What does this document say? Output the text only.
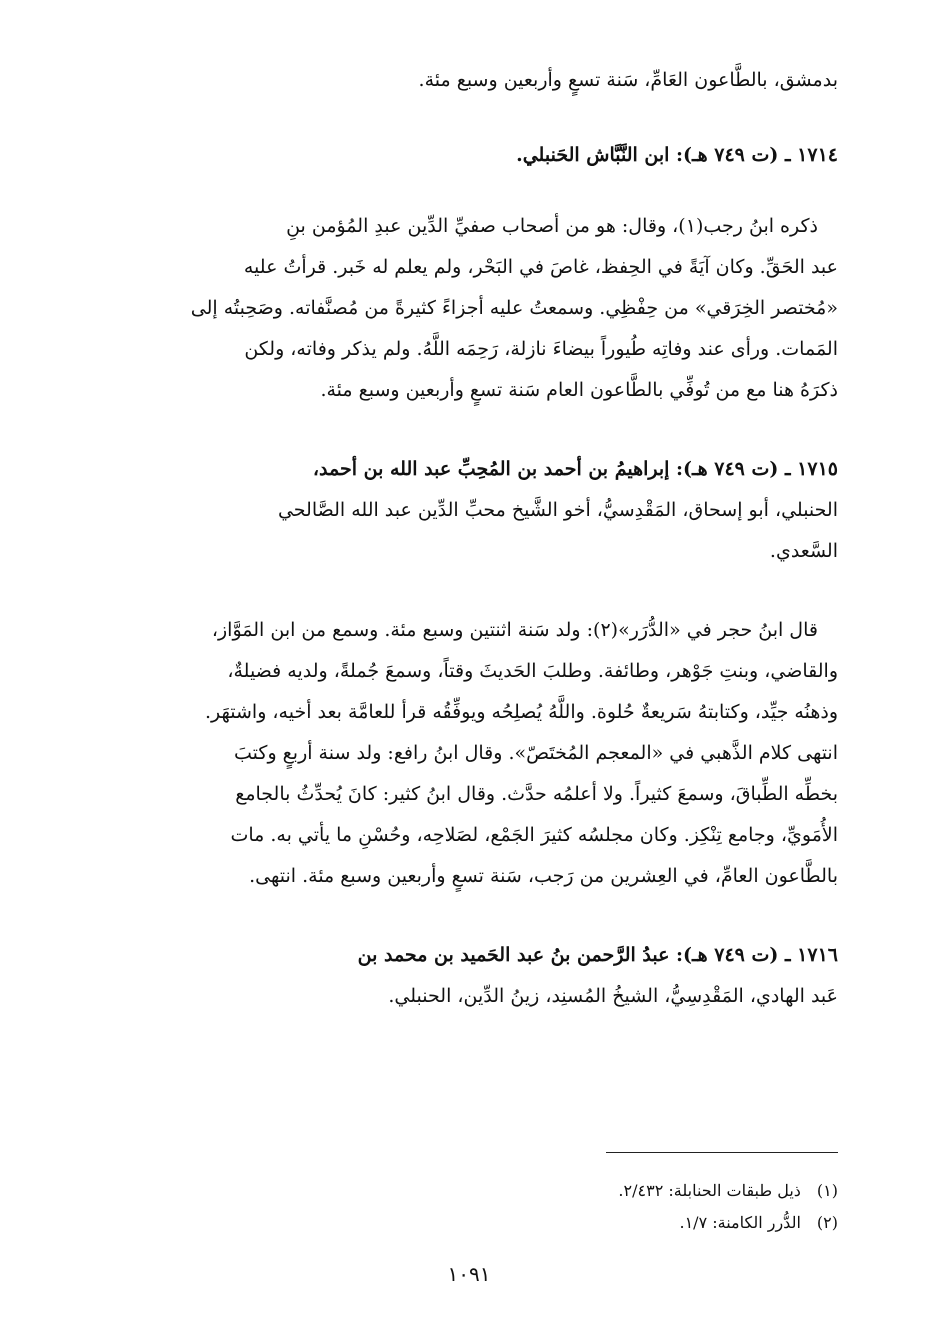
بدمشق، بالطَّاعون العَامِّ، سَنة تسعٍ وأربعين وسبع مئة.
١٧١٤ ـ (ت ٧٤٩ هـ): ابن النَّبَّاش الحَنبلي.
ذكره ابنُ رجب(١)، وقال: هو من أصحاب صفيِّ الدِّين عبدِ المُؤمن بنِ
عبد الحَقِّ. وكان آيَةً في الحِفظ، غاصَ في البَحْر، ولم يعلم له خَبر. قرأتُ عليه
«مُختصر الخِرَقي» من حِفْظِي. وسمعتُ عليه أجزاءً كثيرةً من مُصنَّفاته. وصَحِبتُه إلى
المَمات. ورأى عند وفاتِه طُيوراً بيضاءَ نازلة، رَحِمَه اللَّهُ. ولم يذكر وفاته، ولكن
ذكرَهُ هنا مع من تُوفِّي بالطَّاعون العام سَنة تسعٍ وأربعين وسبع مئة.
١٧١٥ ـ (ت ٧٤٩ هـ): إبراهيمُ بن أحمد بن المُحِبِّ عبد الله بن أحمد،
الحنبلي، أبو إسحاق، المَقْدِسيُّ، أخو الشَّيخ محبِّ الدِّين عبد الله الصَّالحي
السَّعدي.
قال ابنُ حجر في «الدُّرَر»(٢): ولد سَنة اثنتين وسبع مئة. وسمع من ابن المَوَّاز،
والقاضي، وبنتِ جَوْهر، وطائفة. وطلبَ الحَديثَ وقتاً، وسمعَ جُملةً، ولديه فضيلةٌ،
وذهنُه جيِّد، وكتابتهُ سَريعةٌ حُلوة. واللَّهُ يُصلِحُه ويوفِّقُه قرأ للعامَّة بعد أخيه، واشتهَر.
انتهى كلام الذَّهبي في «المعجم المُختَصّ». وقال ابنُ رافع: ولد سنة أربعٍ وكتبَ
بخطِّه الطِّباقَ، وسمعَ كثيراً. ولا أعلمُه حدَّث. وقال ابنُ كثير: كانَ يُحدِّثُ بالجامع
الأُمَويِّ، وجامع تِنْكِز. وكان مجلسُه كثيرَ الجَمْع، لصَلاحِه، وحُسْنِ ما يأتي به. مات
بالطَّاعون العامِّ، في العِشرين من رَجب، سَنة تسعٍ وأربعين وسبع مئة. انتهى.
١٧١٦ ـ (ت ٧٤٩ هـ): عبدُ الرَّحمن بنُ عبد الحَميد بن محمد بن
عَبد الهادي، المَقْدِسِيُّ، الشيخُ المُسنِد، زينُ الدِّين، الحنبلي.
(١) ذيل طبقات الحنابلة: ٢/٤٣٢.
(٢) الدُّرر الكامنة: ١/٧.
١٠٩١
